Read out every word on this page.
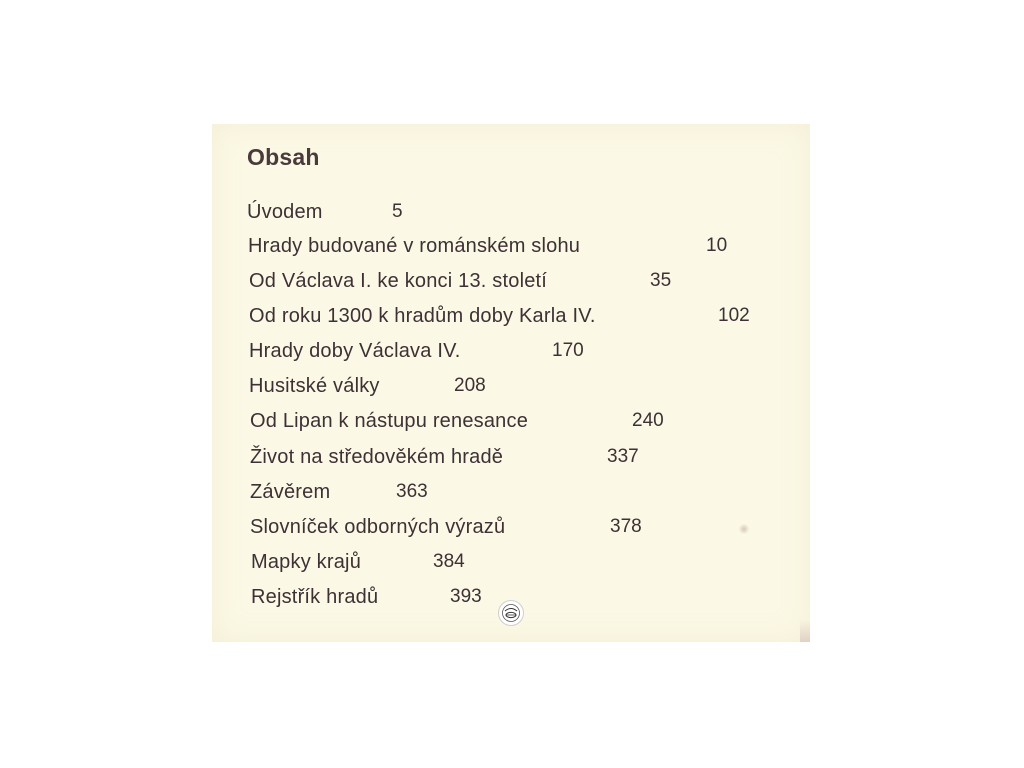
Obsah
Úvodem	5
Hrady budované v románském slohu	10
Od Václava I. ke konci 13. století	35
Od roku 1300 k hradům doby Karla IV.	102
Hrady doby Václava IV.	170
Husitské války	208
Od Lipan k nástupu renesance	240
Život na středověkém hradě	337
Závěrem	363
Slovníček odborných výrazů	378
Mapky krajů	384
Rejstřík hradů	393
